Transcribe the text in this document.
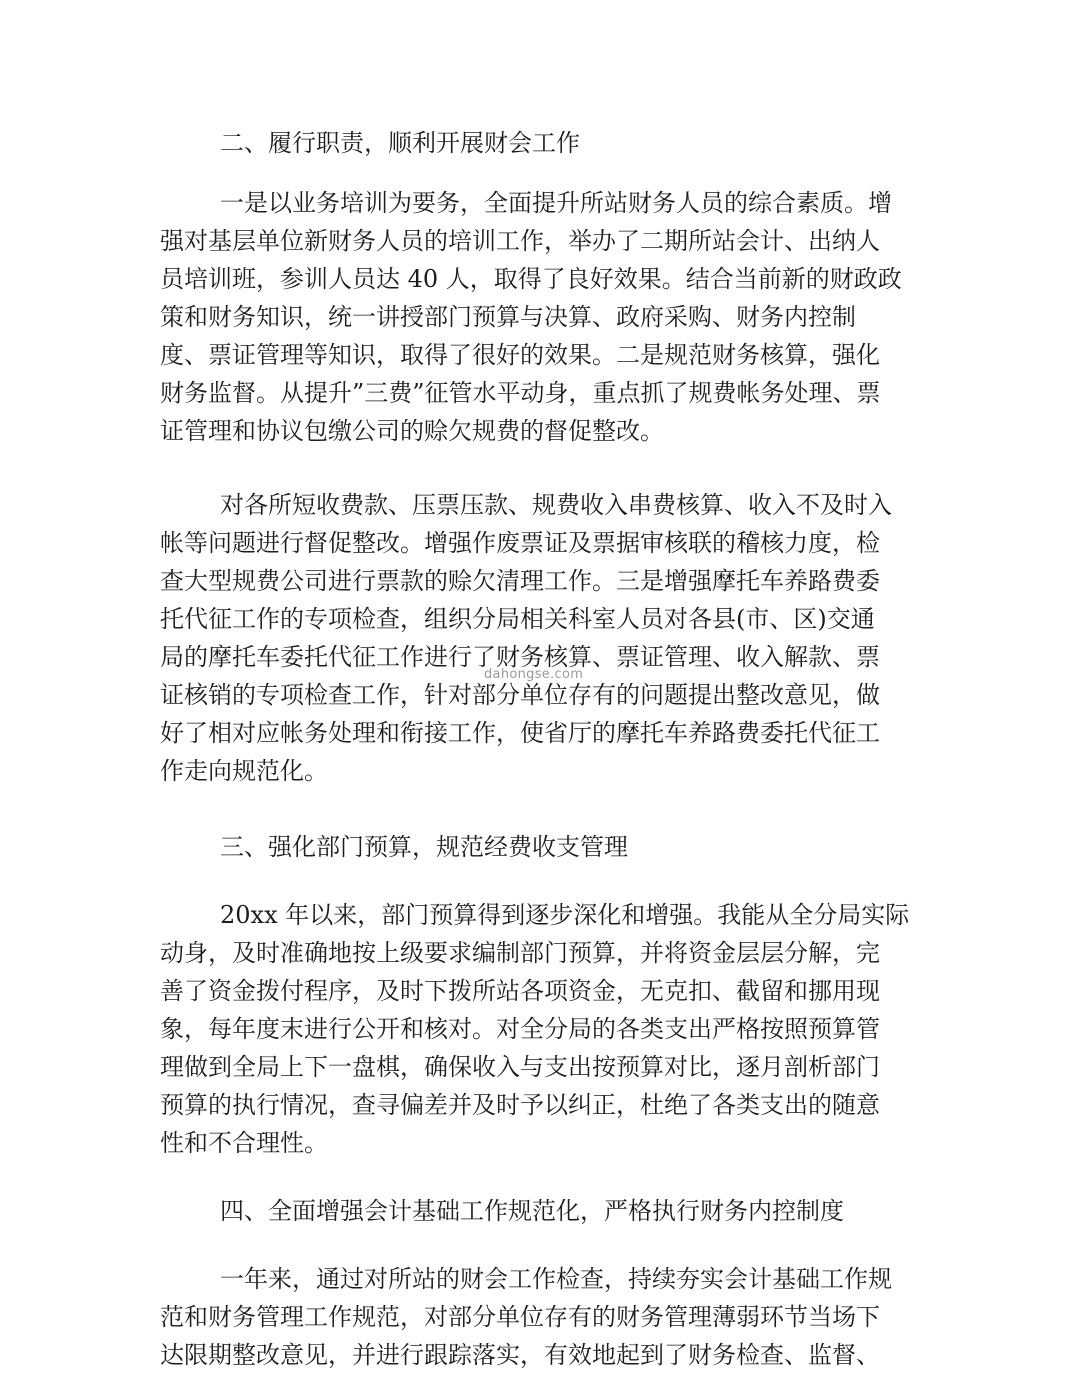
二、履行职责，顺利开展财会工作
一是以业务培训为要务，全面提升所站财务人员的综合素质。增
强对基层单位新财务人员的培训工作，举办了二期所站会计、出纳人
员培训班，参训人员达 40 人，取得了良好效果。结合当前新的财政政
策和财务知识，统一讲授部门预算与决算、政府采购、财务内控制
度、票证管理等知识，取得了很好的效果。二是规范财务核算，强化
财务监督。从提升”三费”征管水平动身，重点抓了规费帐务处理、票
证管理和协议包缴公司的赊欠规费的督促整改。
对各所短收费款、压票压款、规费收入串费核算、收入不及时入
帐等问题进行督促整改。增强作废票证及票据审核联的稽核力度，检
查大型规费公司进行票款的赊欠清理工作。三是增强摩托车养路费委
托代征工作的专项检查，组织分局相关科室人员对各县(市、区)交通
局的摩托车委托代征工作进行了财务核算、票证管理、收入解款、票
证核销的专项检查工作，针对部分单位存有的问题提出整改意见，做
好了相对应帐务处理和衔接工作，使省厅的摩托车养路费委托代征工
作走向规范化。
三、强化部门预算，规范经费收支管理
20xx 年以来，部门预算得到逐步深化和增强。我能从全分局实际
动身，及时准确地按上级要求编制部门预算，并将资金层层分解，完
善了资金拨付程序，及时下拨所站各项资金，无克扣、截留和挪用现
象，每年度末进行公开和核对。对全分局的各类支出严格按照预算管
理做到全局上下一盘棋，确保收入与支出按预算对比，逐月剖析部门
预算的执行情况，查寻偏差并及时予以纠正，杜绝了各类支出的随意
性和不合理性。
四、全面增强会计基础工作规范化，严格执行财务内控制度
一年来，通过对所站的财会工作检查，持续夯实会计基础工作规
范和财务管理工作规范，对部分单位存有的财务管理薄弱环节当场下
达限期整改意见，并进行跟踪落实，有效地起到了财务检查、监督、
dahongse.com
